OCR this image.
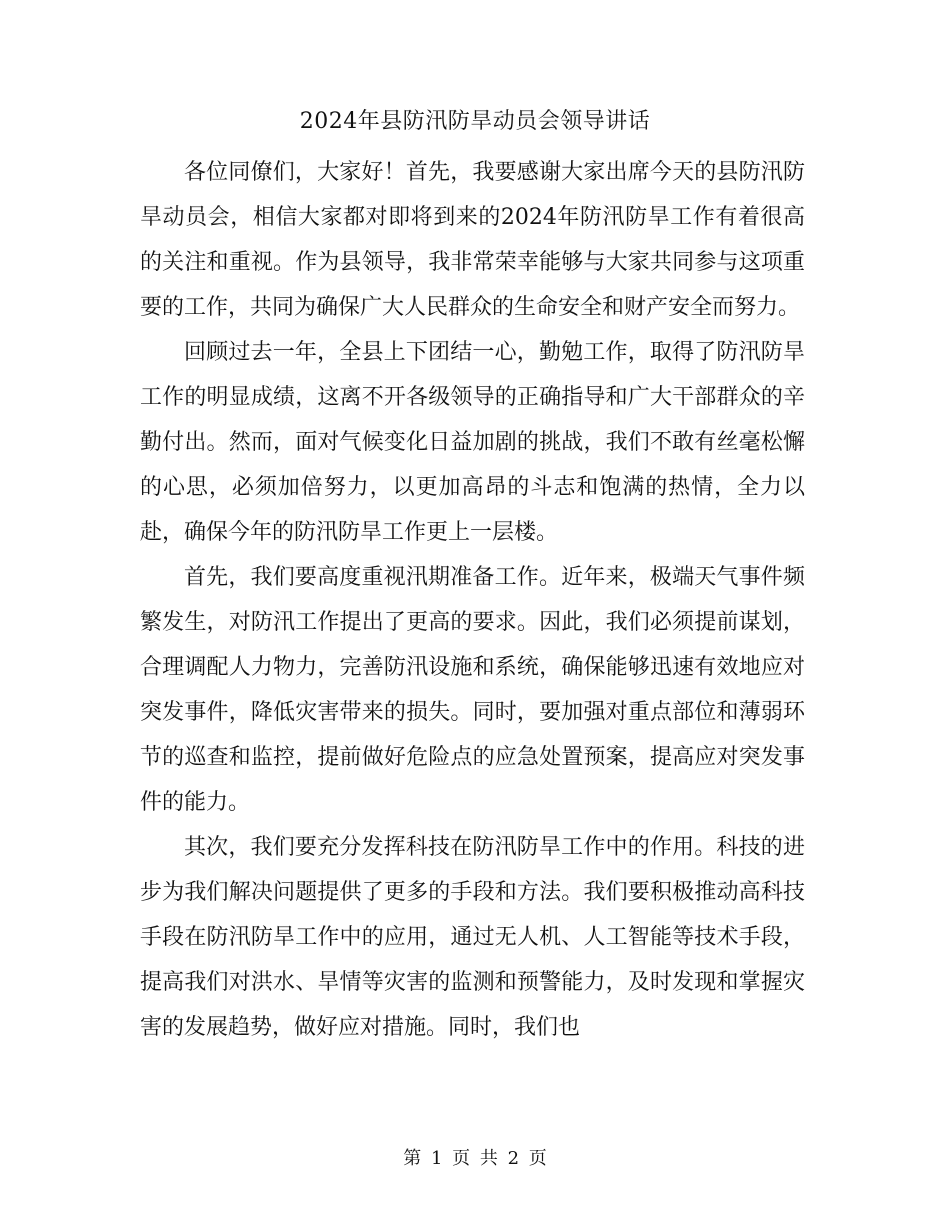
2024年县防汛防旱动员会领导讲话

各位同僚们，大家好！首先，我要感谢大家出席今天的县防汛防旱动员会，相信大家都对即将到来的2024年防汛防旱工作有着很高的关注和重视。作为县领导，我非常荣幸能够与大家共同参与这项重要的工作，共同为确保广大人民群众的生命安全和财产安全而努力。

回顾过去一年，全县上下团结一心，勤勉工作，取得了防汛防旱工作的明显成绩，这离不开各级领导的正确指导和广大干部群众的辛勤付出。然而，面对气候变化日益加剧的挑战，我们不敢有丝毫松懈的心思，必须加倍努力，以更加高昂的斗志和饱满的热情，全力以赴，确保今年的防汛防旱工作更上一层楼。

首先，我们要高度重视汛期准备工作。近年来，极端天气事件频繁发生，对防汛工作提出了更高的要求。因此，我们必须提前谋划，合理调配人力物力，完善防汛设施和系统，确保能够迅速有效地应对突发事件，降低灾害带来的损失。同时，要加强对重点部位和薄弱环节的巡查和监控，提前做好危险点的应急处置预案，提高应对突发事件的能力。

其次，我们要充分发挥科技在防汛防旱工作中的作用。科技的进步为我们解决问题提供了更多的手段和方法。我们要积极推动高科技手段在防汛防旱工作中的应用，通过无人机、人工智能等技术手段，提高我们对洪水、旱情等灾害的监测和预警能力，及时发现和掌握灾害的发展趋势，做好应对措施。同时，我们也

第 1 页 共 2 页
